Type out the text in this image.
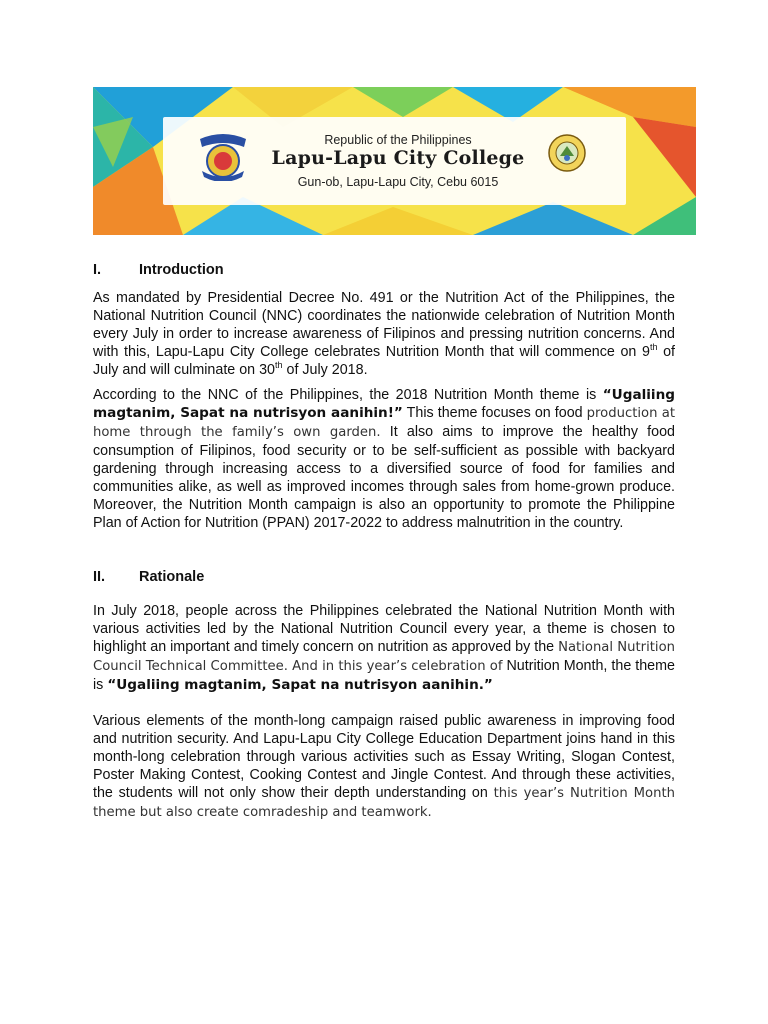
Republic of the Philippines
Lapu-Lapu City College
Gun-ob, Lapu-Lapu City, Cebu 6015
I.	Introduction

As mandated by Presidential Decree No. 491 or the Nutrition Act of the Philippines, the National Nutrition Council (NNC) coordinates the nationwide celebration of Nutrition Month every July in order to increase awareness of Filipinos and pressing nutrition concerns. And with this, Lapu-Lapu City College celebrates Nutrition Month that will commence on 9th of July and will culminate on 30th of July 2018.

According to the NNC of the Philippines, the 2018 Nutrition Month theme is “Ugaliing magtanim, Sapat na nutrisyon aanihin!” This theme focuses on food production at home through the family’s own garden. It also aims to improve the healthy food consumption of Filipinos, food security or to be self-sufficient as possible with backyard gardening through increasing access to a diversified source of food for families and communities alike, as well as improved incomes through sales from home-grown produce. Moreover, the Nutrition Month campaign is also an opportunity to promote the Philippine Plan of Action for Nutrition (PPAN) 2017-2022 to address malnutrition in the country.

II.	Rationale

In July 2018, people across the Philippines celebrated the National Nutrition Month with various activities led by the National Nutrition Council every year, a theme is chosen to highlight an important and timely concern on nutrition as approved by the National Nutrition Council Technical Committee. And in this year’s celebration of Nutrition Month, the theme is “Ugaliing magtanim, Sapat na nutrisyon aanihin.”

Various elements of the month-long campaign raised public awareness in improving food and nutrition security. And Lapu-Lapu City College Education Department joins hand in this month-long celebration through various activities such as Essay Writing, Slogan Contest, Poster Making Contest, Cooking Contest and Jingle Contest. And through these activities, the students will not only show their depth understanding on this year’s Nutrition Month theme but also create comradeship and teamwork.
